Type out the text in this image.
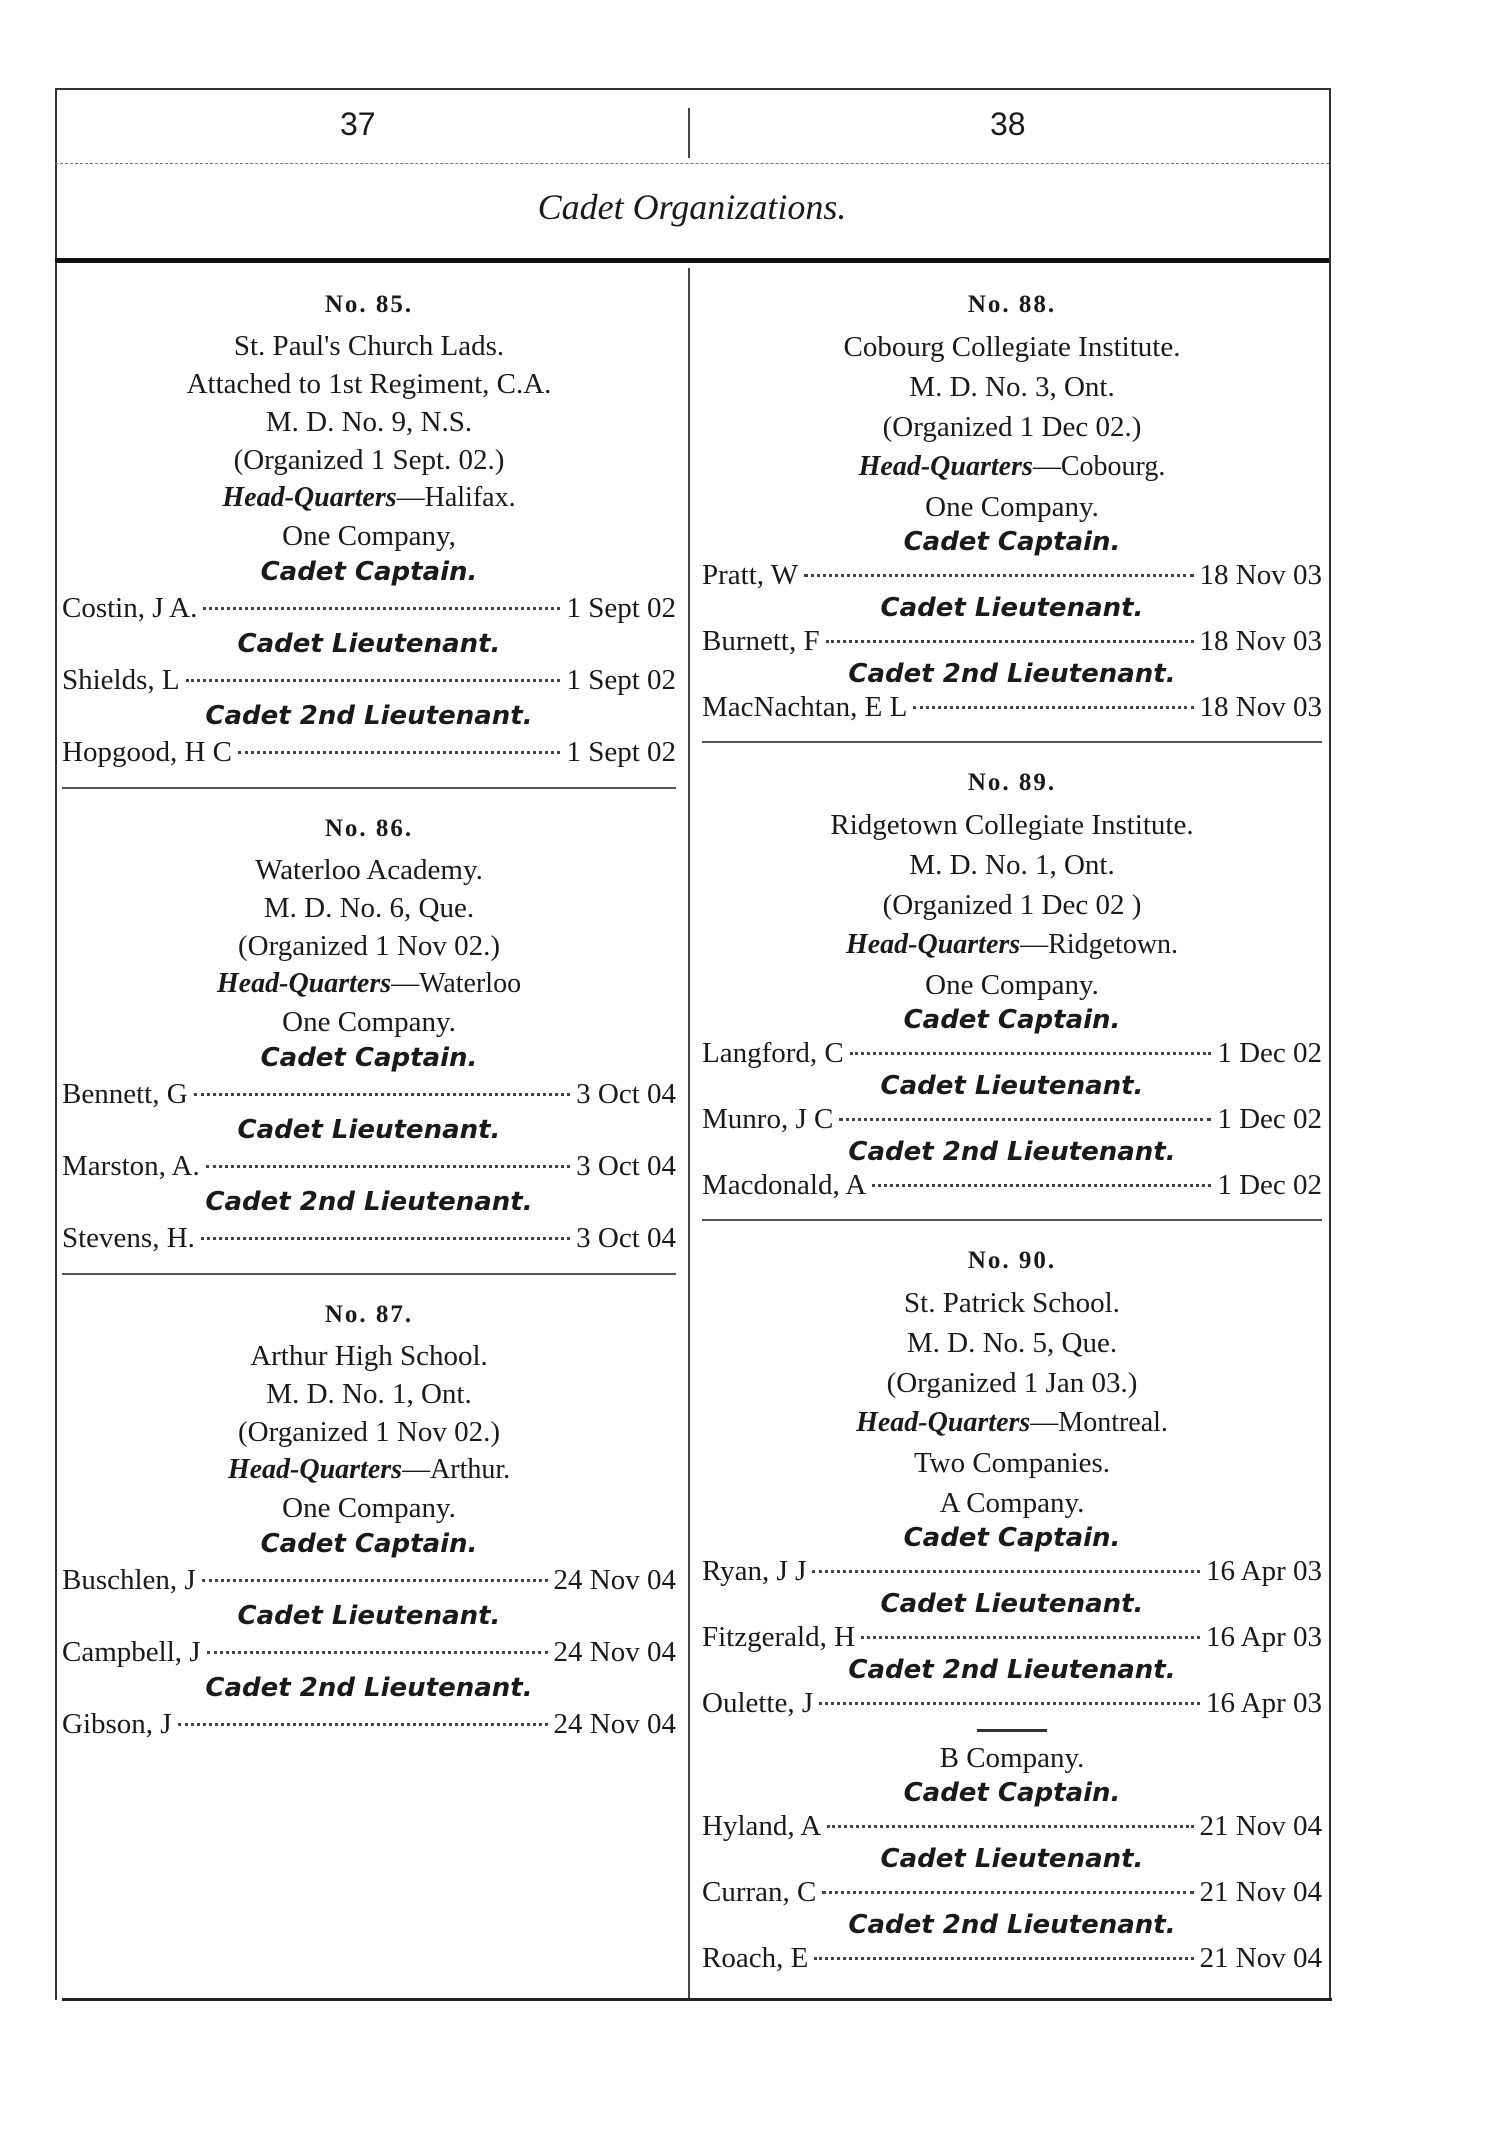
37	38
Cadet Organizations.
No. 85.
St. Paul's Church Lads.
Attached to 1st Regiment, C.A.
M. D. No. 9, N.S.
(Organized 1 Sept. 02.)
Head-Quarters—Halifax.
One Company,
Cadet Captain.
Costin, J A.	1 Sept 02
Cadet Lieutenant.
Shields, L	1 Sept 02
Cadet 2nd Lieutenant.
Hopgood, H C	1 Sept 02
No. 86.
Waterloo Academy.
M. D. No. 6, Que.
(Organized 1 Nov 02.)
Head-Quarters—Waterloo
One Company.
Cadet Captain.
Bennett, G	3 Oct 04
Cadet Lieutenant.
Marston, A.	3 Oct 04
Cadet 2nd Lieutenant.
Stevens, H.	3 Oct 04
No. 87.
Arthur High School.
M. D. No. 1, Ont.
(Organized 1 Nov 02.)
Head-Quarters—Arthur.
One Company.
Cadet Captain.
Buschlen, J	24 Nov 04
Cadet Lieutenant.
Campbell, J	24 Nov 04
Cadet 2nd Lieutenant.
Gibson, J	24 Nov 04
No. 88.
Cobourg Collegiate Institute.
M. D. No. 3, Ont.
(Organized 1 Dec 02.)
Head-Quarters—Cobourg.
One Company.
Cadet Captain.
Pratt, W	18 Nov 03
Cadet Lieutenant.
Burnett, F	18 Nov 03
Cadet 2nd Lieutenant.
MacNachtan, E L	18 Nov 03
No. 89.
Ridgetown Collegiate Institute.
M. D. No. 1, Ont.
(Organized 1 Dec 02 )
Head-Quarters—Ridgetown.
One Company.
Cadet Captain.
Langford, C	1 Dec 02
Cadet Lieutenant.
Munro, J C	1 Dec 02
Cadet 2nd Lieutenant.
Macdonald, A	1 Dec 02
No. 90.
St. Patrick School.
M. D. No. 5, Que.
(Organized 1 Jan 03.)
Head-Quarters—Montreal.
Two Companies.
A Company.
Cadet Captain.
Ryan, J J	16 Apr 03
Cadet Lieutenant.
Fitzgerald, H	16 Apr 03
Cadet 2nd Lieutenant.
Oulette, J	16 Apr 03
B Company.
Cadet Captain.
Hyland, A	21 Nov 04
Cadet Lieutenant.
Curran, C	21 Nov 04
Cadet 2nd Lieutenant.
Roach, E	21 Nov 04
